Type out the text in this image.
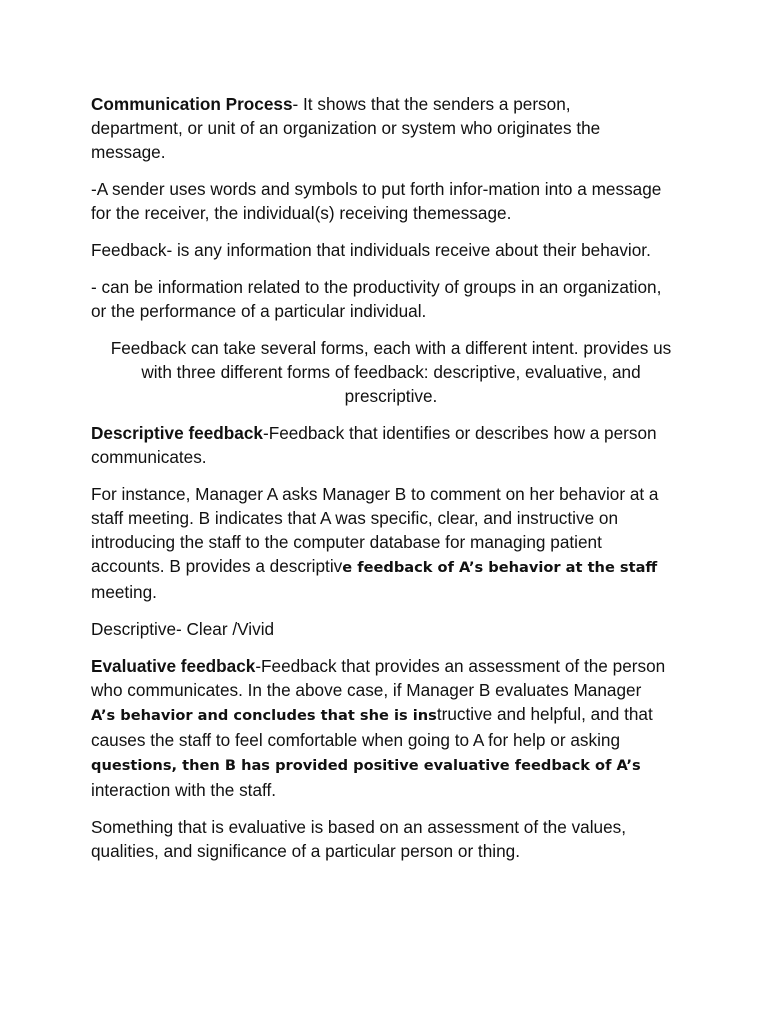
Communication Process- It shows that the senders a person,
department, or unit of an organization or system who originates the
message.

-A sender uses words and symbols to put forth infor-mation into a message
for the receiver, the individual(s) receiving themessage.

Feedback- is any information that individuals receive about their behavior.

- can be information related to the productivity of groups in an organization,
or the performance of a particular individual.

Feedback can take several forms, each with a different intent. provides us
with three different forms of feedback: descriptive, evaluative, and
prescriptive.

Descriptive feedback-Feedback that identifies or describes how a person
communicates.

For instance, Manager A asks Manager B to comment on her behavior at a
staff meeting. B indicates that A was specific, clear, and instructive on
introducing the staff to the computer database for managing patient
accounts. B provides a descriptive feedback of A’s behavior at the staff
meeting.

Descriptive- Clear /Vivid

Evaluative feedback-Feedback that provides an assessment of the person
who communicates. In the above case, if Manager B evaluates Manager
A’s behavior and concludes that she is instructive and helpful, and that
causes the staff to feel comfortable when going to A for help or asking
questions, then B has provided positive evaluative feedback of A’s
interaction with the staff.

Something that is evaluative is based on an assessment of the values,
qualities, and significance of a particular person or thing.
